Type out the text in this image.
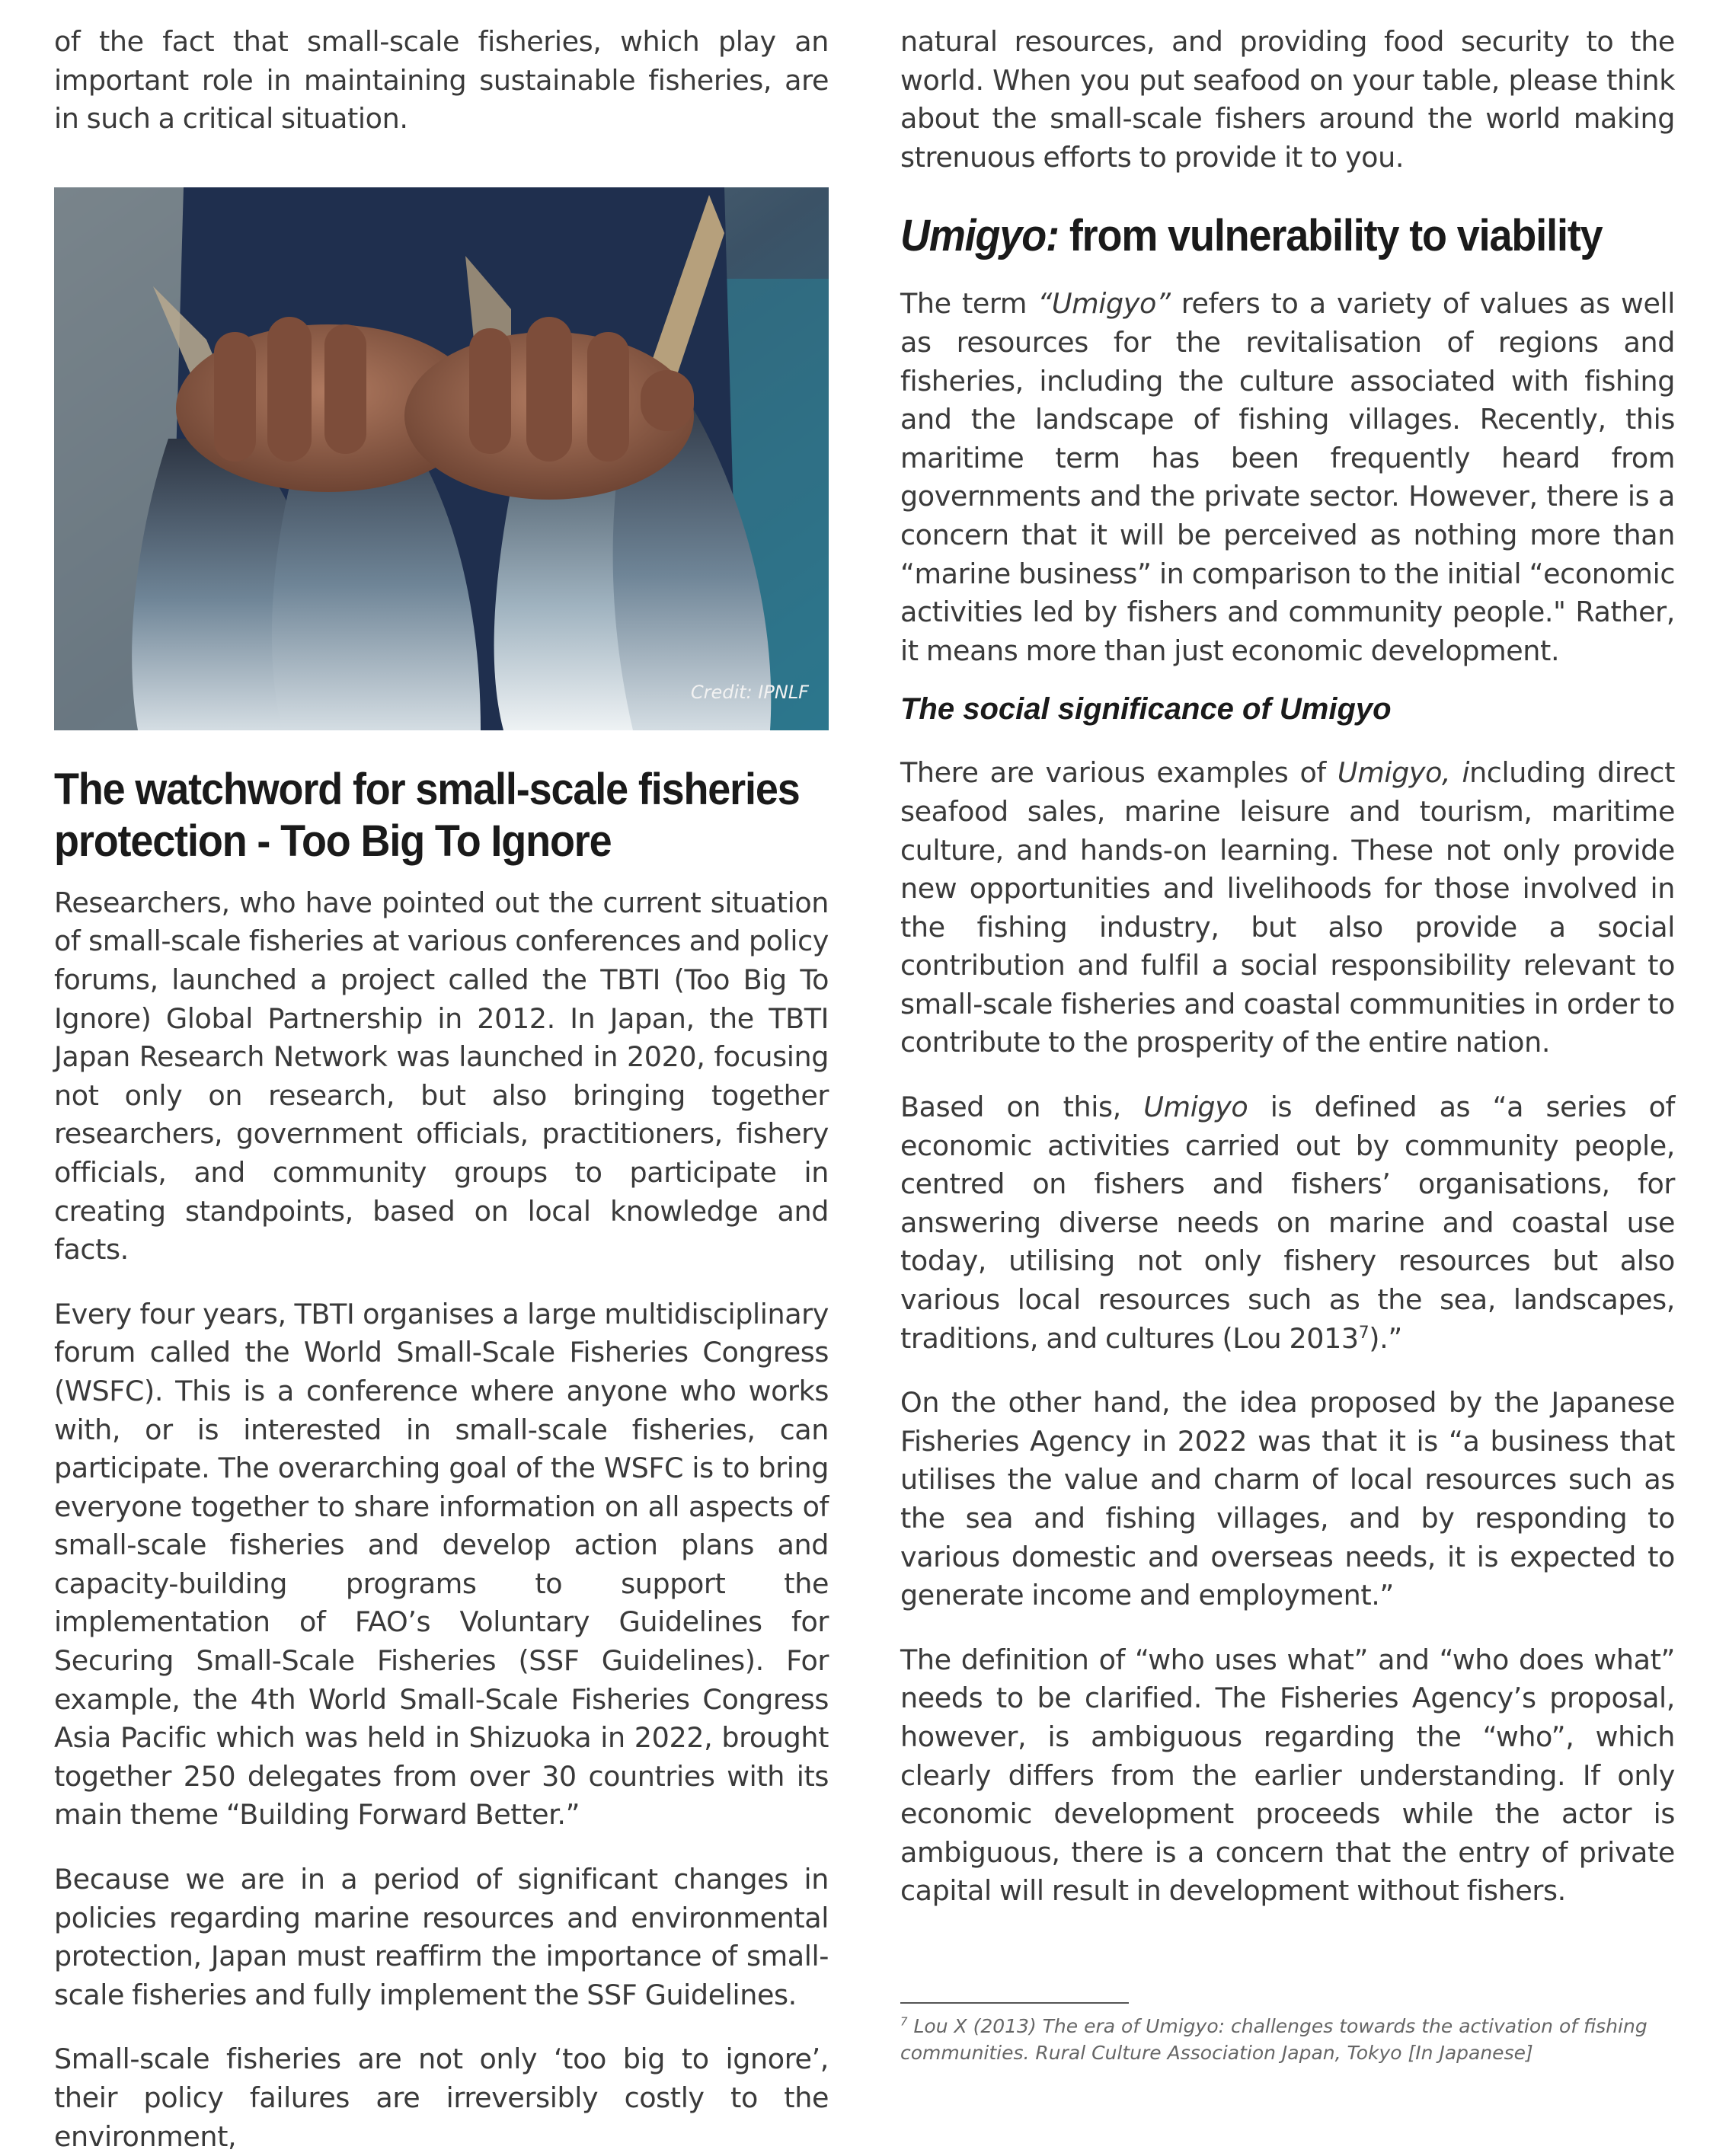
of the fact that small-scale fisheries, which play an important role in maintaining sustainable fisheries, are in such a critical situation.

Credit: IPNLF
The watchword for small-scale fisheries
protection - Too Big To Ignore

Researchers, who have pointed out the current situation of small-scale fisheries at various conferences and policy forums, launched a project called the TBTI (Too Big To Ignore) Global Partnership in 2012. In Japan, the TBTI Japan Research Network was launched in 2020, focusing not only on research, but also bringing together researchers, government officials, practitioners, fishery officials, and community groups to participate in creating standpoints, based on local knowledge and facts.

Every four years, TBTI organises a large multidisciplinary forum called the World Small-Scale Fisheries Congress (WSFC). This is a conference where anyone who works with, or is interested in small-scale fisheries, can participate. The overarching goal of the WSFC is to bring everyone together to share information on all aspects of small-scale fisheries and develop action plans and capacity-building programs to support the implementation of FAO’s Voluntary Guidelines for Securing Small-Scale Fisheries (SSF Guidelines). For example, the 4th World Small-Scale Fisheries Congress Asia Pacific which was held in Shizuoka in 2022, brought together 250 delegates from over 30 countries with its main theme “Building Forward Better.”

Because we are in a period of significant changes in policies regarding marine resources and environmental protection, Japan must reaffirm the importance of small-scale fisheries and fully implement the SSF Guidelines.

Small-scale fisheries are not only ‘too big to ignore’, their policy failures are irreversibly costly to the environment,

natural resources, and providing food security to the world. When you put seafood on your table, please think about the small-scale fishers around the world making strenuous efforts to provide it to you.

Umigyo: from vulnerability to viability

The term “Umigyo” refers to a variety of values as well as resources for the revitalisation of regions and fisheries, including the culture associated with fishing and the landscape of fishing villages. Recently, this maritime term has been frequently heard from governments and the private sector. However, there is a concern that it will be perceived as nothing more than “marine business” in comparison to the initial “economic activities led by fishers and community people." Rather, it means more than just economic development.

The social significance of Umigyo

There are various examples of Umigyo, including direct seafood sales, marine leisure and tourism, maritime culture, and hands-on learning. These not only provide new opportunities and livelihoods for those involved in the fishing industry, but also provide a social contribution and fulfil a social responsibility relevant to small-scale fisheries and coastal communities in order to contribute to the prosperity of the entire nation.

Based on this, Umigyo is defined as “a series of economic activities carried out by community people, centred on fishers and fishers’ organisations, for answering diverse needs on marine and coastal use today, utilising not only fishery resources but also various local resources such as the sea, landscapes, traditions, and cultures (Lou 2013$^7$).”

On the other hand, the idea proposed by the Japanese Fisheries Agency in 2022 was that it is “a business that utilises the value and charm of local resources such as the sea and fishing villages, and by responding to various domestic and overseas needs, it is expected to generate income and employment.”

The definition of “who uses what” and “who does what” needs to be clarified. The Fisheries Agency’s proposal, however, is ambiguous regarding the “who”, which clearly differs from the earlier understanding. If only economic development proceeds while the actor is ambiguous, there is a concern that the entry of private capital will result in development without fishers.

$^7$ Lou X (2013) The era of Umigyo: challenges towards the activation of fishing communities. Rural Culture Association Japan, Tokyo [In Japanese]
